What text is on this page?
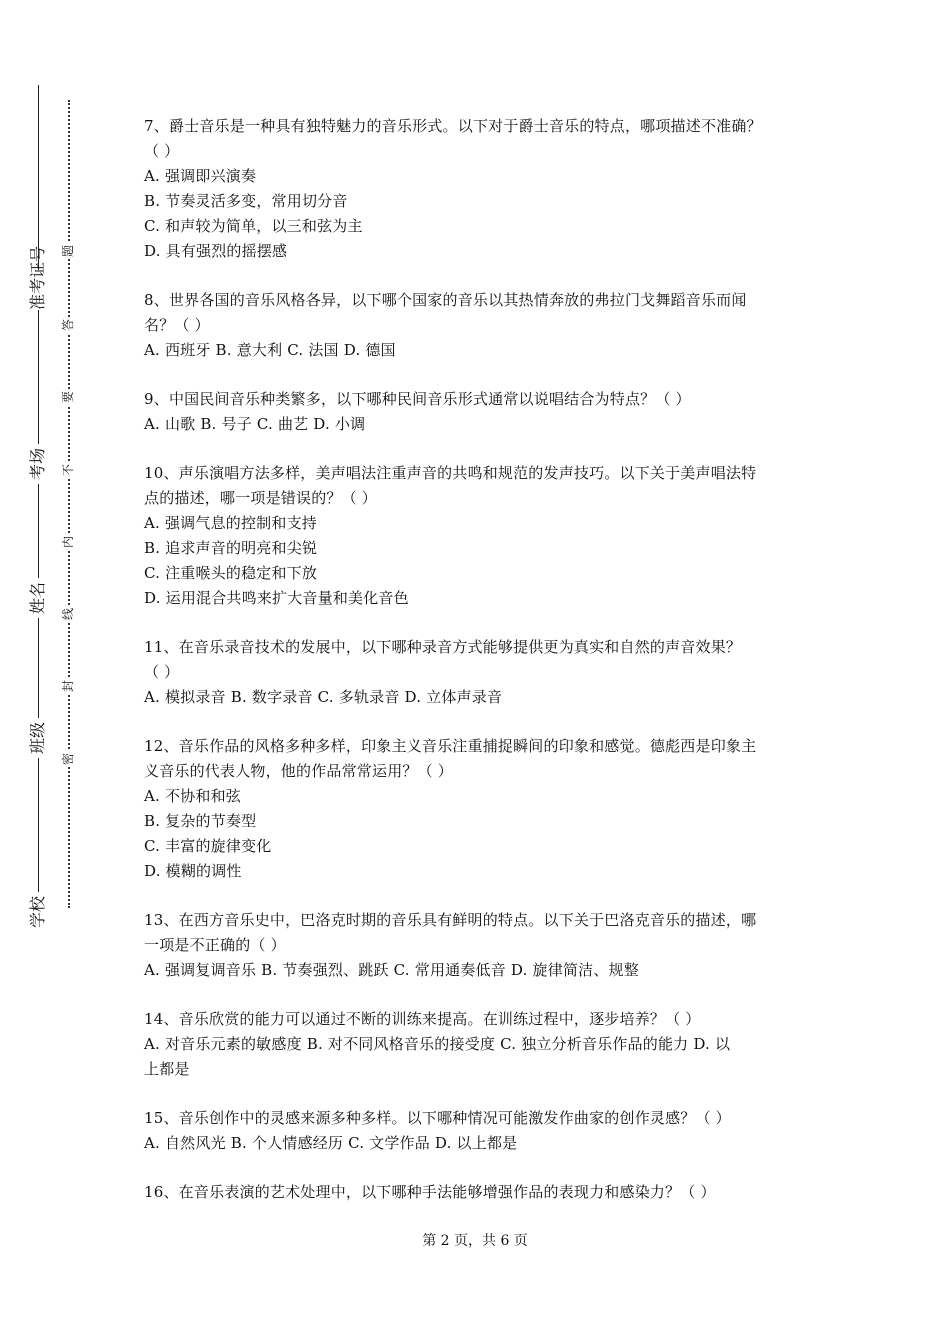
准考证号
考场
姓名
班级
学校
题
答
要
不
内
线
封
密
7、爵士音乐是一种具有独特魅力的音乐形式。以下对于爵士音乐的特点，哪项描述不准确？
（ ）
A. 强调即兴演奏
B. 节奏灵活多变，常用切分音
C. 和声较为简单，以三和弦为主
D. 具有强烈的摇摆感
8、世界各国的音乐风格各异，以下哪个国家的音乐以其热情奔放的弗拉门戈舞蹈音乐而闻
名？（ ）
A. 西班牙 B. 意大利 C. 法国 D. 德国
9、中国民间音乐种类繁多，以下哪种民间音乐形式通常以说唱结合为特点？（ ）
A. 山歌 B. 号子 C. 曲艺 D. 小调
10、声乐演唱方法多样，美声唱法注重声音的共鸣和规范的发声技巧。以下关于美声唱法特
点的描述，哪一项是错误的？（ ）
A. 强调气息的控制和支持
B. 追求声音的明亮和尖锐
C. 注重喉头的稳定和下放
D. 运用混合共鸣来扩大音量和美化音色
11、在音乐录音技术的发展中，以下哪种录音方式能够提供更为真实和自然的声音效果？
（ ）
A. 模拟录音 B. 数字录音 C. 多轨录音 D. 立体声录音
12、音乐作品的风格多种多样，印象主义音乐注重捕捉瞬间的印象和感觉。德彪西是印象主
义音乐的代表人物，他的作品常常运用？（ ）
A. 不协和和弦
B. 复杂的节奏型
C. 丰富的旋律变化
D. 模糊的调性
13、在西方音乐史中，巴洛克时期的音乐具有鲜明的特点。以下关于巴洛克音乐的描述，哪
一项是不正确的（ ）
A. 强调复调音乐 B. 节奏强烈、跳跃 C. 常用通奏低音 D. 旋律简洁、规整
14、音乐欣赏的能力可以通过不断的训练来提高。在训练过程中，逐步培养？（ ）
A. 对音乐元素的敏感度 B. 对不同风格音乐的接受度 C. 独立分析音乐作品的能力 D. 以
上都是
15、音乐创作中的灵感来源多种多样。以下哪种情况可能激发作曲家的创作灵感？（ ）
A. 自然风光 B. 个人情感经历 C. 文学作品 D. 以上都是
16、在音乐表演的艺术处理中，以下哪种手法能够增强作品的表现力和感染力？（ ）
第 2 页，共 6 页
